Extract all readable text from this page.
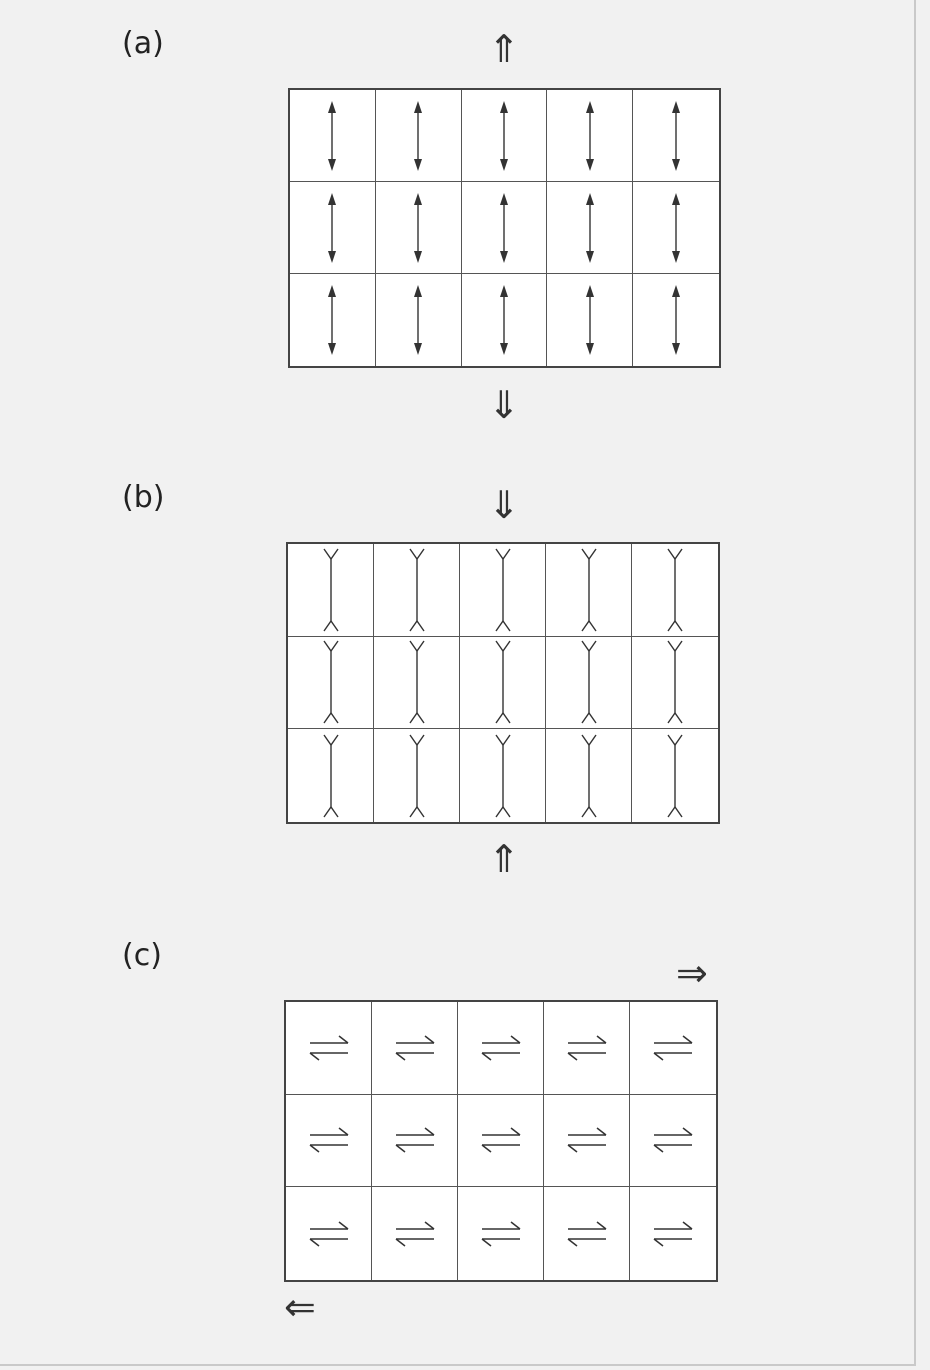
(a)	⇑
⇓
(b)	⇓
⇑
(c)	⇒
⇐
